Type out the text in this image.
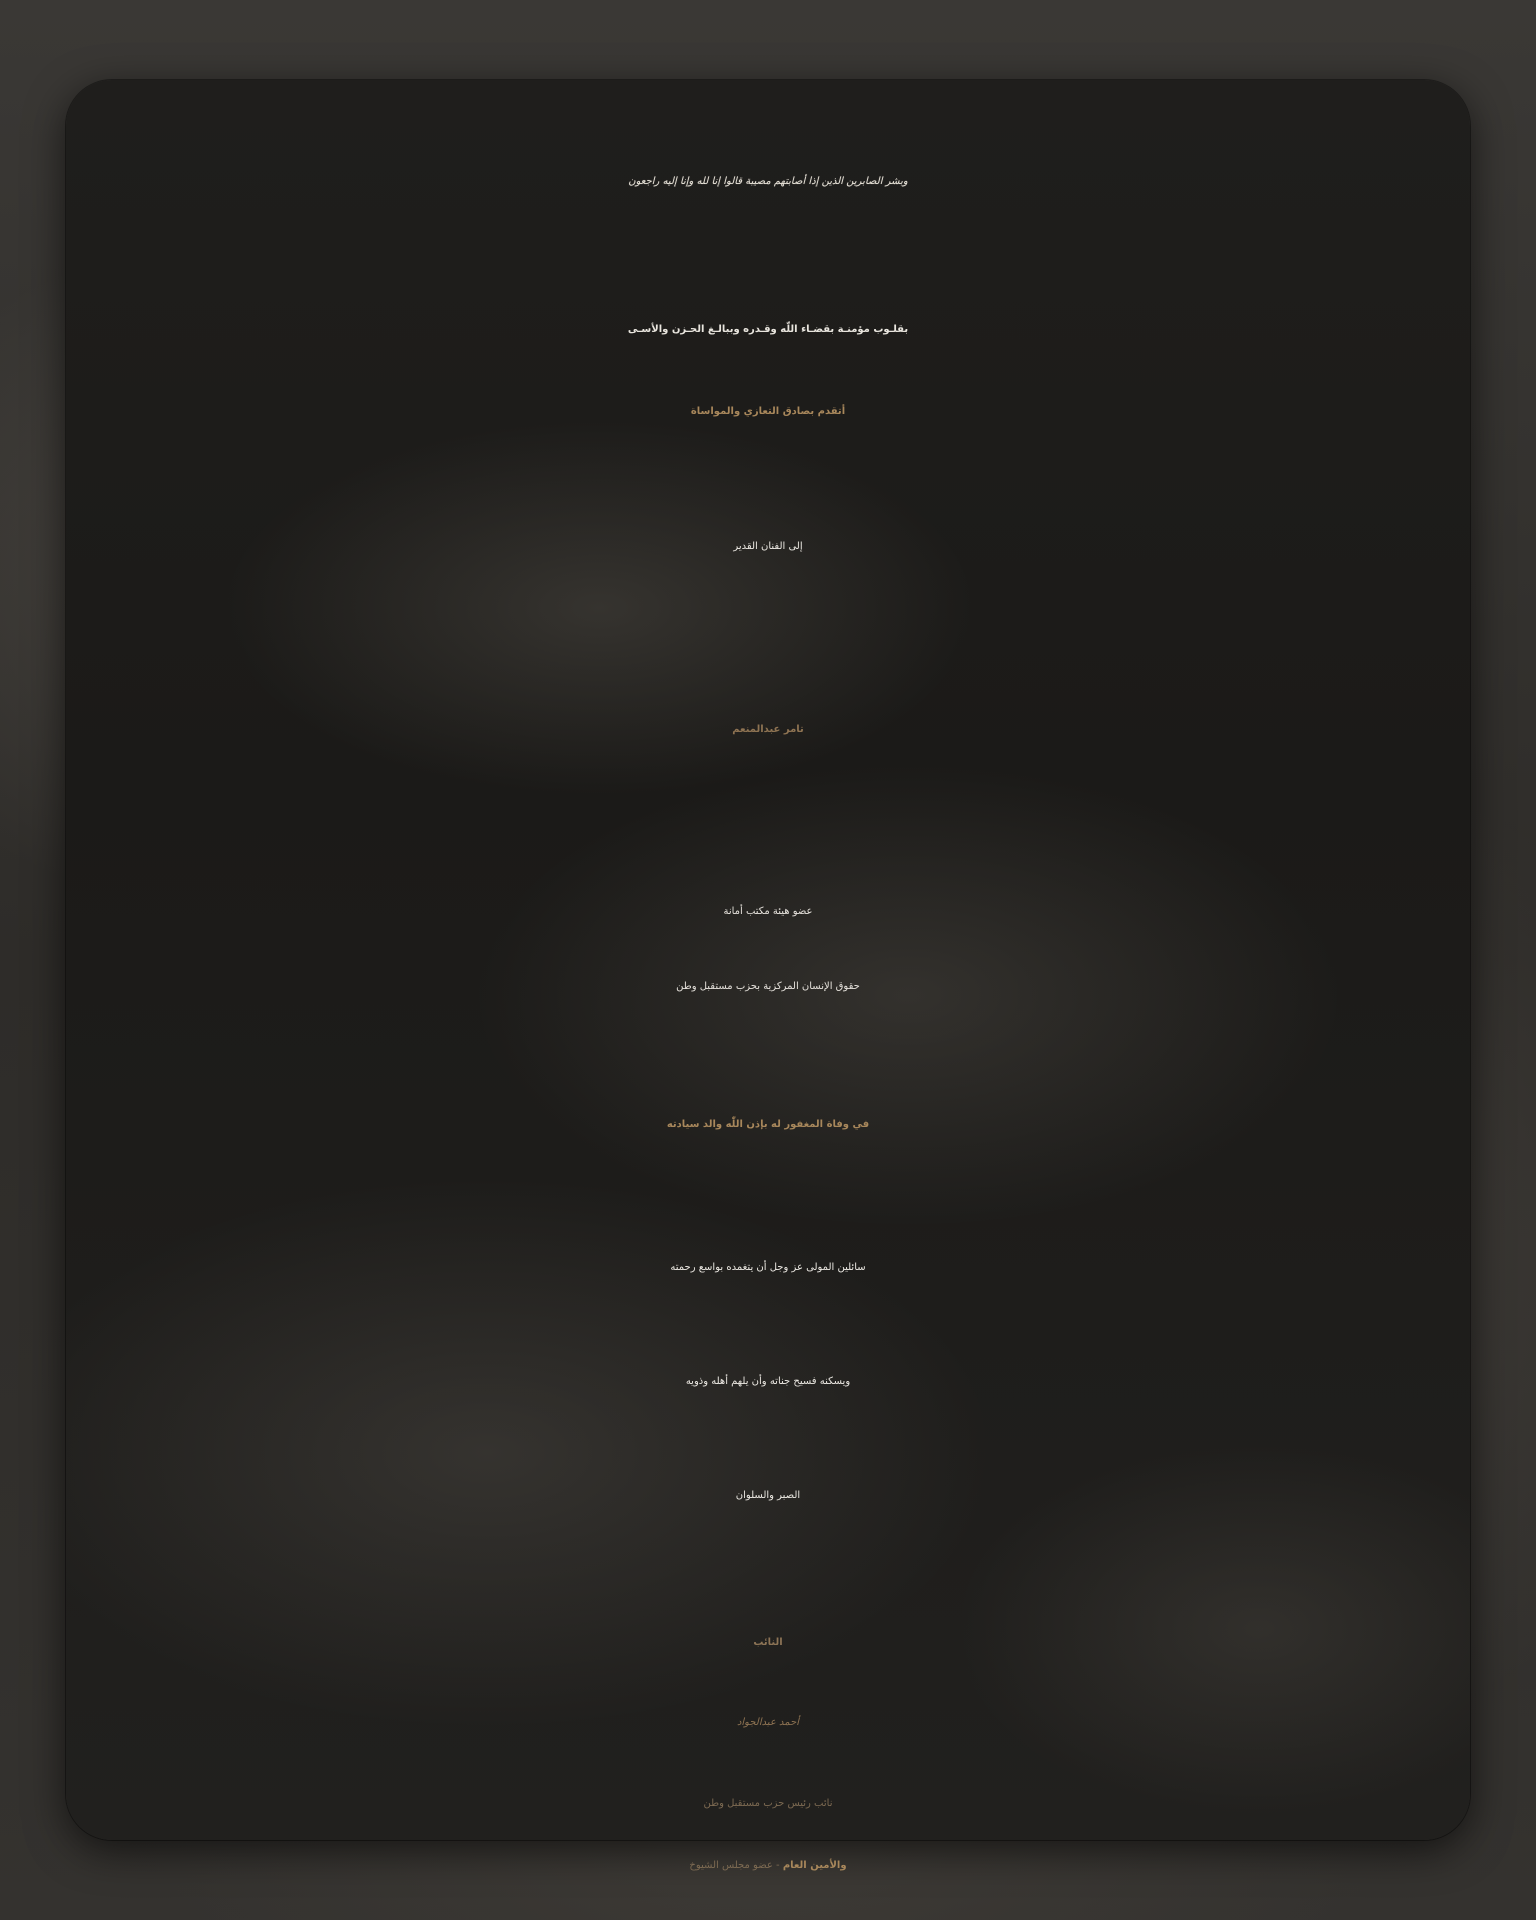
وبشر الصابرين الذين إذا أصابتهم مصيبة قالوا إنا لله وإنا إليه راجعون

بقلـوب مؤمنـة بقضـاء اللّه وقـدره وببالـغ الحـزن والأسـى

أتقدم بصادق التعازي والمواساة

إلى الفنان القدير

تامر عبدالمنعم

عضو هيئة مكتب أمانة

حقوق الإنسان المركزية بحزب مستقبل وطن

في وفاة المغفور له بإذن اللّٰه والد سيادته

سائلين المولى عز وجل أن يتغمده بواسع رحمته

ويسكنه فسيح جناته وأن يلهم أهله وذويه

الصبر والسلوان

النائب

أحمد عبدالجواد

نائب رئيس حزب مستقبل وطن

والأمين العام - عضو مجلس الشيوخ
